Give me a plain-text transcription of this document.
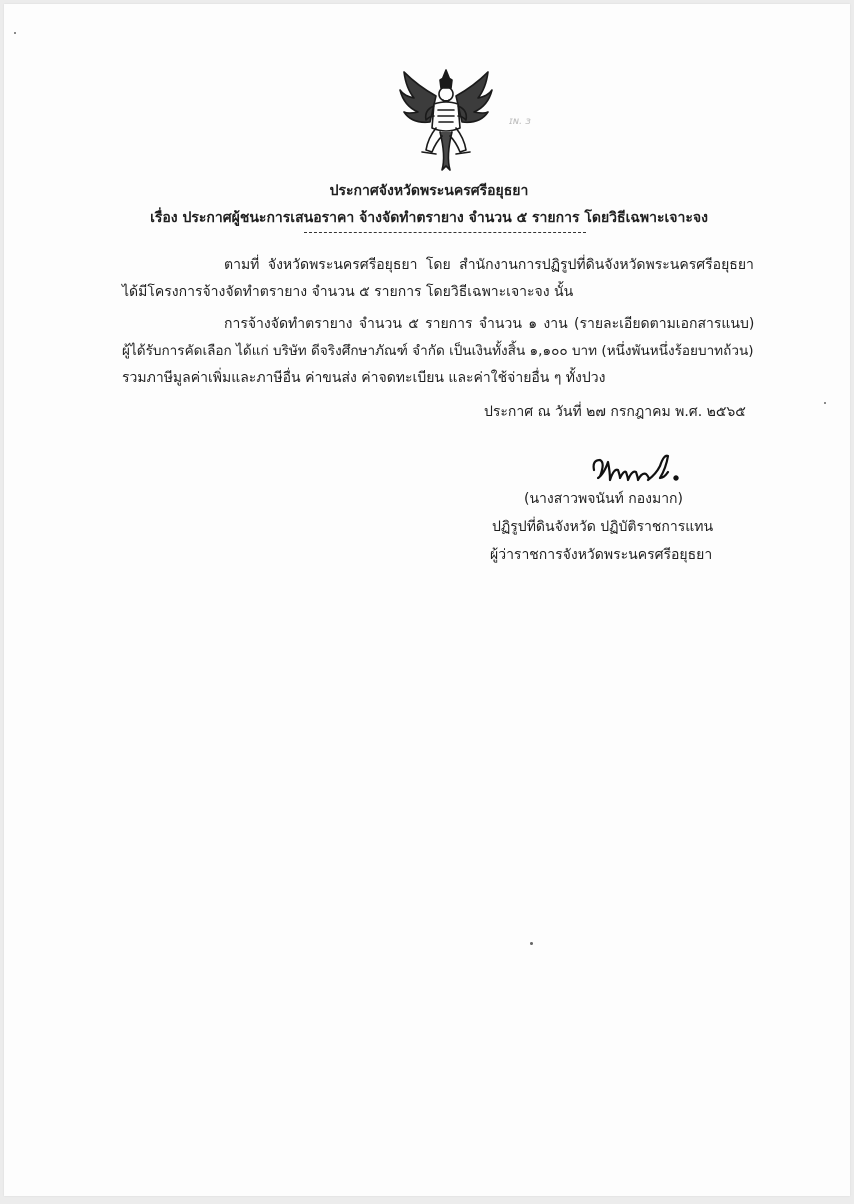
ɪɴ. ɜ
ประกาศจังหวัดพระนครศรีอยุธยา
เรื่อง ประกาศผู้ชนะการเสนอราคา จ้างจัดทำตรายาง จำนวน ๕ รายการ โดยวิธีเฉพาะเจาะจง
ตามที่ จังหวัดพระนครศรีอยุธยา โดย สำนักงานการปฏิรูปที่ดินจังหวัดพระนครศรีอยุธยา
ได้มีโครงการจ้างจัดทำตรายาง จำนวน ๕ รายการ โดยวิธีเฉพาะเจาะจง นั้น
การจ้างจัดทำตรายาง จำนวน ๕ รายการ จำนวน ๑ งาน (รายละเอียดตามเอกสารแนบ)
ผู้ได้รับการคัดเลือก ได้แก่ บริษัท ดีจริงศึกษาภัณฑ์ จำกัด เป็นเงินทั้งสิ้น ๑,๑๐๐ บาท (หนึ่งพันหนึ่งร้อยบาทถ้วน)
รวมภาษีมูลค่าเพิ่มและภาษีอื่น ค่าขนส่ง ค่าจดทะเบียน และค่าใช้จ่ายอื่น ๆ ทั้งปวง
ประกาศ ณ วันที่ ๒๗ กรกฎาคม พ.ศ. ๒๕๖๕
(นางสาวพจนันท์ กองมาก)
ปฏิรูปที่ดินจังหวัด ปฏิบัติราชการแทน
ผู้ว่าราชการจังหวัดพระนครศรีอยุธยา
